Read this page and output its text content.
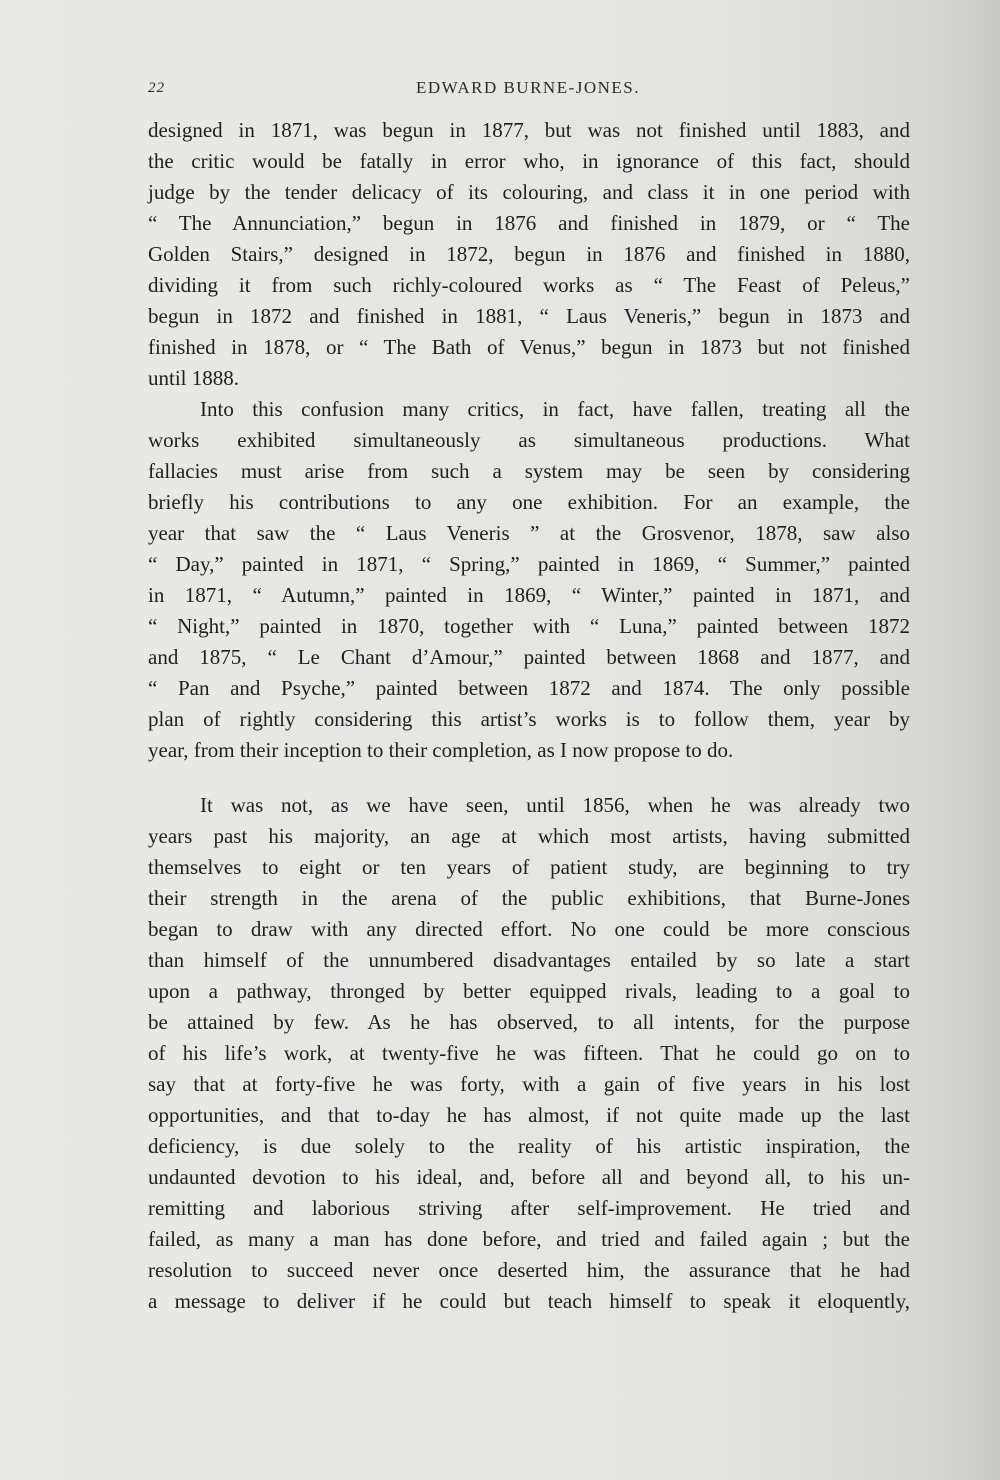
22	EDWARD BURNE-JONES.
designed in 1871, was begun in 1877, but was not finished until 1883, and
the critic would be fatally in error who, in ignorance of this fact, should
judge by the tender delicacy of its colouring, and class it in one period with
“ The Annunciation,” begun in 1876 and finished in 1879, or “ The
Golden Stairs,” designed in 1872, begun in 1876 and finished in 1880,
dividing it from such richly-coloured works as “ The Feast of Peleus,”
begun in 1872 and finished in 1881, “ Laus Veneris,” begun in 1873 and
finished in 1878, or “ The Bath of Venus,” begun in 1873 but not finished
until 1888.
Into this confusion many critics, in fact, have fallen, treating all the
works exhibited simultaneously as simultaneous productions. What
fallacies must arise from such a system may be seen by considering
briefly his contributions to any one exhibition. For an example, the
year that saw the “ Laus Veneris ” at the Grosvenor, 1878, saw also
“ Day,” painted in 1871, “ Spring,” painted in 1869, “ Summer,” painted
in 1871, “ Autumn,” painted in 1869, “ Winter,” painted in 1871, and
“ Night,” painted in 1870, together with “ Luna,” painted between 1872
and 1875, “ Le Chant d’Amour,” painted between 1868 and 1877, and
“ Pan and Psyche,” painted between 1872 and 1874. The only possible
plan of rightly considering this artist’s works is to follow them, year by
year, from their inception to their completion, as I now propose to do.
It was not, as we have seen, until 1856, when he was already two
years past his majority, an age at which most artists, having submitted
themselves to eight or ten years of patient study, are beginning to try
their strength in the arena of the public exhibitions, that Burne-Jones
began to draw with any directed effort. No one could be more conscious
than himself of the unnumbered disadvantages entailed by so late a start
upon a pathway, thronged by better equipped rivals, leading to a goal to
be attained by few. As he has observed, to all intents, for the purpose
of his life’s work, at twenty-five he was fifteen. That he could go on to
say that at forty-five he was forty, with a gain of five years in his lost
opportunities, and that to-day he has almost, if not quite made up the last
deficiency, is due solely to the reality of his artistic inspiration, the
undaunted devotion to his ideal, and, before all and beyond all, to his un-
remitting and laborious striving after self-improvement. He tried and
failed, as many a man has done before, and tried and failed again ; but the
resolution to succeed never once deserted him, the assurance that he had
a message to deliver if he could but teach himself to speak it eloquently,
